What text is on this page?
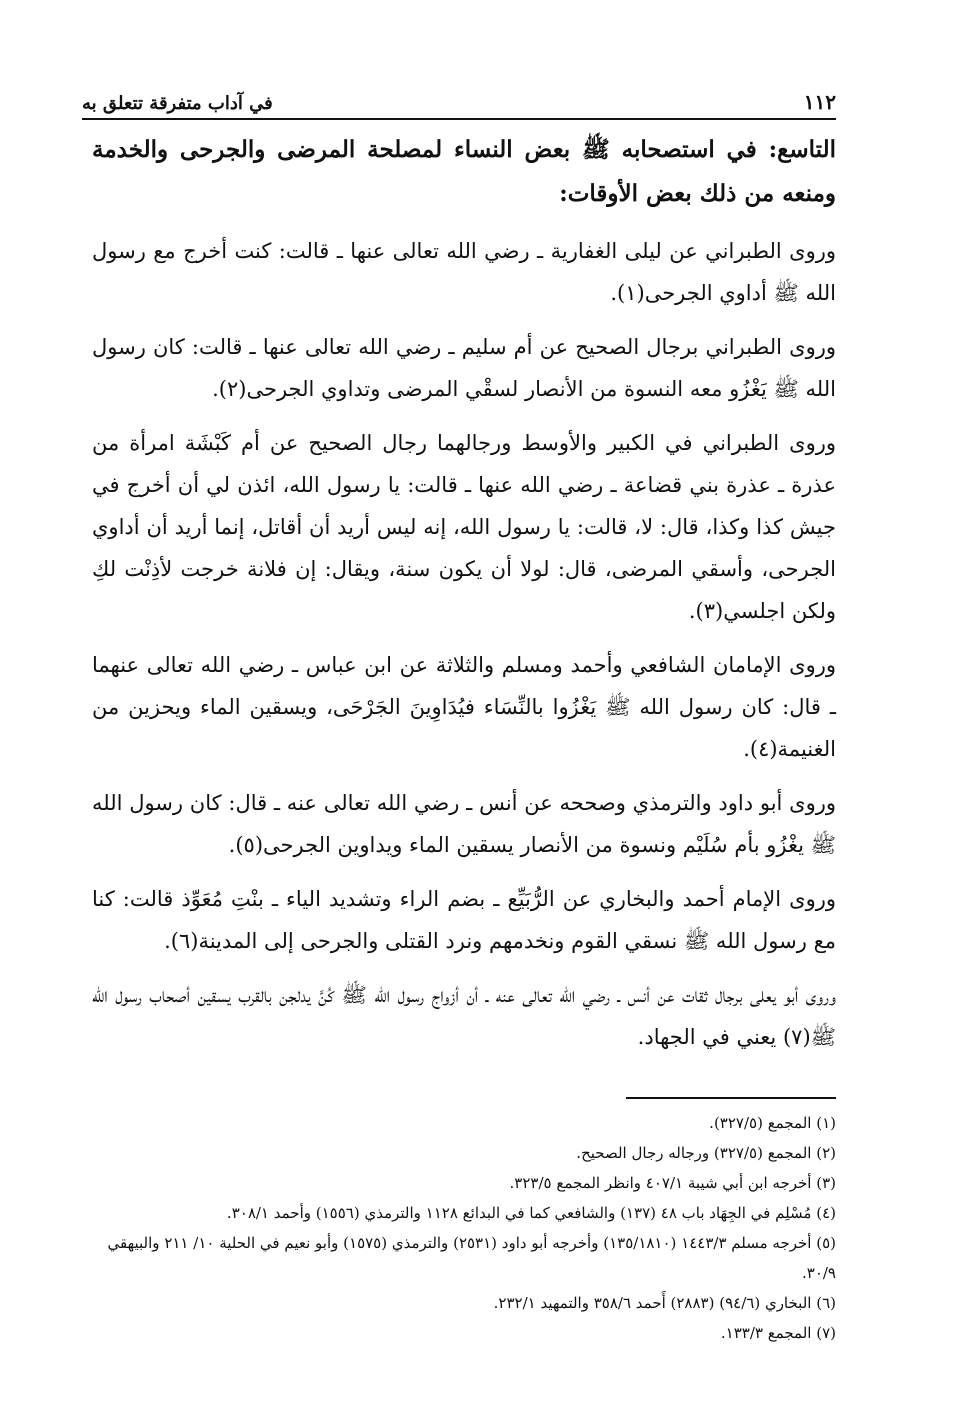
في آداب متفرقة تتعلق به	١١٢

التاسع: في استصحابه ﷺ بعض النساء لمصلحة المرضى والجرحى والخدمة ومنعه من ذلك بعض الأوقات:

وروى الطبراني عن ليلى الغفارية ـ رضي الله تعالى عنها ـ قالت: كنت أخرج مع رسول الله ﷺ أداوي الجرحى(١).

وروى الطبراني برجال الصحيح عن أم سليم ـ رضي الله تعالى عنها ـ قالت: كان رسول الله ﷺ يَغْزُو معه النسوة من الأنصار لسقْي المرضى وتداوي الجرحى(٢).

وروى الطبراني في الكبير والأوسط ورجالهما رجال الصحيح عن أم كَبْشَة امرأة من عذرة ـ عذرة بني قضاعة ـ رضي الله عنها ـ قالت: يا رسول الله، ائذن لي أن أخرج في جيش كذا وكذا، قال: لا، قالت: يا رسول الله، إنه ليس أريد أن أقاتل، إنما أريد أن أداوي الجرحى، وأسقي المرضى، قال: لولا أن يكون سنة، ويقال: إن فلانة خرجت لأذِنْت لكِ ولكن اجلسي(٣).

وروى الإمامان الشافعي وأحمد ومسلم والثلاثة عن ابن عباس ـ رضي الله تعالى عنهما ـ قال: كان رسول الله ﷺ يَغْزُوا بالنِّسَاء فيُدَاوِينَ الجَرْحَى، ويسقين الماء ويحزين من الغنيمة(٤).

وروى أبو داود والترمذي وصححه عن أنس ـ رضي الله تعالى عنه ـ قال: كان رسول الله ﷺ يغْزُو بأم سُلَيْم ونسوة من الأنصار يسقين الماء ويداوين الجرحى(٥).

وروى الإمام أحمد والبخاري عن الرُّبَيِّع ـ بضم الراء وتشديد الياء ـ بنْتِ مُعَوِّذ قالت: كنا مع رسول الله ﷺ نسقي القوم ونخدمهم ونرد القتلى والجرحى إلى المدينة(٦).

وروى أبو يعلى برجال ثقات عن أنس ـ رضي الله تعالى عنه ـ أن أزواج رسول الله ﷺ كُنَّ يدلجن بالقرب يسقين أصحاب رسول الله ﷺ(٧) يعني في الجهاد.

(١) المجمع (٣٢٧/٥).

(٢) المجمع (٣٢٧/٥) ورجاله رجال الصحيح.

(٣) أخرجه ابن أبي شيبة ٤٠٧/١ وانظر المجمع ٣٢٣/٥.

(٤) مُسْلِم في الجِهَاد باب ٤٨ (١٣٧) والشافعي كما في البدائع ١١٢٨ والترمذي (١٥٥٦) وأحمد ٣٠٨/١.

(٥) أخرجه مسلم ١٤٤٣/٣ (١٣٥/١٨١٠) وأخرجه أبو داود (٢٥٣١) والترمذي (١٥٧٥) وأبو نعيم في الحلية ١٠/ ٢١١ والبيهقي ٣٠/٩.

(٦) البخاري (٩٤/٦) (٢٨٨٣) أَحمد ٣٥٨/٦ والتمهيد ٢٣٢/١.

(٧) المجمع ١٣٣/٣.
